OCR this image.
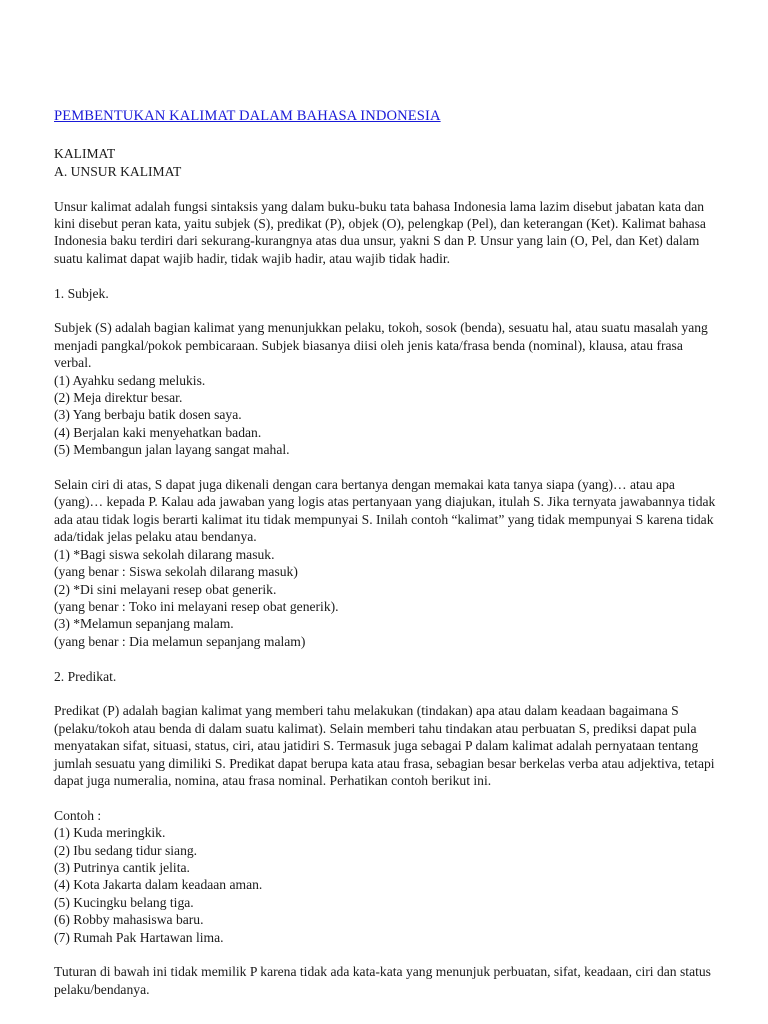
PEMBENTUKAN KALIMAT DALAM BAHASA INDONESIA

KALIMAT

A. UNSUR KALIMAT

Unsur kalimat adalah fungsi sintaksis yang dalam buku-buku tata bahasa Indonesia lama lazim disebut jabatan kata dan kini disebut peran kata, yaitu subjek (S), predikat (P), objek (O), pelengkap (Pel), dan keterangan (Ket). Kalimat bahasa Indonesia baku terdiri dari sekurang-kurangnya atas dua unsur, yakni S dan P. Unsur yang lain (O, Pel, dan Ket) dalam suatu kalimat dapat wajib hadir, tidak wajib hadir, atau wajib tidak hadir.

1. Subjek.

Subjek (S) adalah bagian kalimat yang menunjukkan pelaku, tokoh, sosok (benda), sesuatu hal, atau suatu masalah yang menjadi pangkal/pokok pembicaraan. Subjek biasanya diisi oleh jenis kata/frasa benda (nominal), klausa, atau frasa verbal.

(1) Ayahku sedang melukis.

(2) Meja direktur besar.

(3) Yang berbaju batik dosen saya.

(4) Berjalan kaki menyehatkan badan.

(5) Membangun jalan layang sangat mahal.

Selain ciri di atas, S dapat juga dikenali dengan cara bertanya dengan memakai kata tanya siapa (yang)… atau apa (yang)… kepada P. Kalau ada jawaban yang logis atas pertanyaan yang diajukan, itulah S. Jika ternyata jawabannya tidak ada atau tidak logis berarti kalimat itu tidak mempunyai S. Inilah contoh “kalimat” yang tidak mempunyai S karena tidak ada/tidak jelas pelaku atau bendanya.

(1) *Bagi siswa sekolah dilarang masuk.

(yang benar : Siswa sekolah dilarang masuk)

(2) *Di sini melayani resep obat generik.

(yang benar : Toko ini melayani resep obat generik).

(3) *Melamun sepanjang malam.

(yang benar : Dia melamun sepanjang malam)

2. Predikat.

Predikat (P) adalah bagian kalimat yang memberi tahu melakukan (tindakan) apa atau dalam keadaan bagaimana S (pelaku/tokoh atau benda di dalam suatu kalimat). Selain memberi tahu tindakan atau perbuatan S, prediksi dapat pula menyatakan sifat, situasi, status, ciri, atau jatidiri S. Termasuk juga sebagai P dalam kalimat adalah pernyataan tentang jumlah sesuatu yang dimiliki S. Predikat dapat berupa kata atau frasa, sebagian besar berkelas verba atau adjektiva, tetapi dapat juga numeralia, nomina, atau frasa nominal. Perhatikan contoh berikut ini.

Contoh :

(1) Kuda meringkik.

(2) Ibu sedang tidur siang.

(3) Putrinya cantik jelita.

(4) Kota Jakarta dalam keadaan aman.

(5) Kucingku belang tiga.

(6) Robby mahasiswa baru.

(7) Rumah Pak Hartawan lima.

Tuturan di bawah ini tidak memilik P karena tidak ada kata-kata yang menunjuk perbuatan, sifat, keadaan, ciri dan status pelaku/bendanya.
